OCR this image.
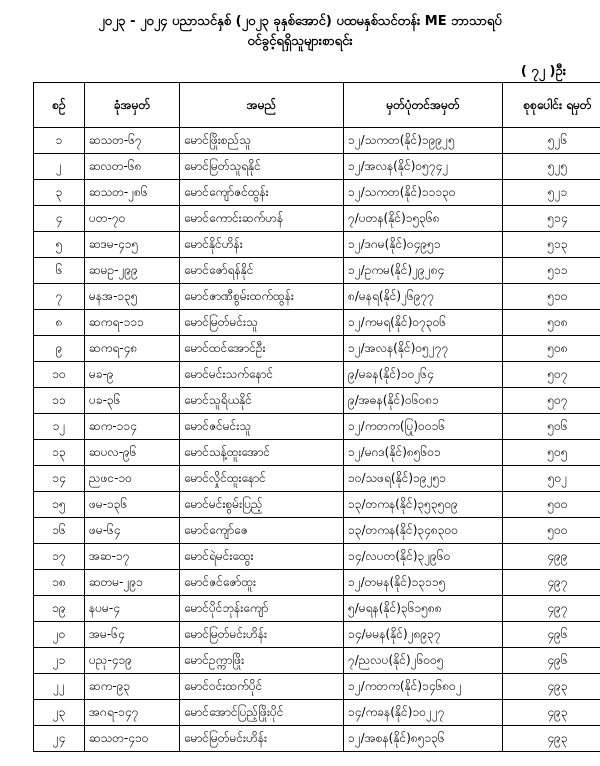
၂၀၂၃ - ၂၀၂၄ ပညာသင်နှစ် (၂၀၂၃ ခုနှစ်အောင်) ပထမနှစ်သင်တန်း ME ဘာသာရပ်
ဝင်ခွင့်ရရှိသူများစာရင်း
( ၇၂ )ဦး
စဉ်	ခုံအမှတ်	အမည်	မှတ်ပုံတင်အမှတ်	စုစုပေါင်း ရမှတ်
၁	ဆသတ-၆၇	မောင်ဖြိုးစည်သူ	၁၂/သကတ(နိုင်)၁၉၉၂၅	၅၂၆
၂	ဆလတ-၆၈	မောင်မြတ်သူရနိုင်	၁၂/အလန(နိုင်)၀၅၇၄၂	၅၂၅
၃	ဆသတ-၂၈၆	မောင်ကျော်ဇင်ထွန်း	၁၂/သကတ(နိုင်)၁၁၁၃၀	၅၂၁
၄	ပတ-၇၀	မောင်ကောင်းဆက်ဟန်	၇/ပတန(နိုင်)၁၅၃၆၈	၅၁၄
၅	ဆဒမ-၄၁၅	မောင်နိုင်ဟိန်း	၁၂/ဒဂမ(နိုင်)၀၄၉၅၁	၅၁၃
၆	ဆမဥ-၂၉၉	မောင်ဇော်ရန်နိုင်	၁၂/ဥကမ(နိုင်)၂၉၂၈၄	၅၁၁
၇	မနအ-၁၃၅	မောင်ဇာဏီစွမ်းထက်ထွန်း	၈/မနရ(နိုင်)၂၆၉၇၇	၅၁၀
၈	ဆကရ-၁၁၁	မောင်မြတ်မင်းသူ	၁၂/ကမရ(နိုင်)၀၇၃၀၆	၅၀၈
၉	ဆကရ-၄၈	မောင်ထင်အောင်ဦး	၁၂/အလန(နိုင်)၀၅၂၇၇	၅၀၈
၁၀	မခ-၉	မောင်မင်းသက်နောင်	၉/မခန(နိုင်)၁၀၂၆၄	၅၀၇
၁၁	ပခ-၃၆	မောင်သူရိယနိုင်	၉/အဓန(နိုင်)၀၆၀၈၁	၅၀၇
၁၂	ဆက-၁၁၄	မောင်ဇင်မင်းသူ	၁၂/ကတက(ပြု)၀၀၁၆	၅၀၆
၁၃	ဆပလ-၉၆	မောင်သန့်ထူးအောင်	၁၂/မဂဒ(နိုင်)၈၅၆၀၁	၅၀၅
၁၄	ညဖင-၁၀	မောင်လှိုင်ထူးနောင်	၁၀/သဖရ(နိုင်)၁၉၂၅၁	၅၀၂
၁၅	ဖမ-၁၃၆	မောင်မင်းစွမ်းပြည့်	၁၃/တကန(နိုင်)၃၅၃၅၀၉	၅၀၀
၁၆	ဖမ-၆၄	မောင်ကျော်ဇေ	၁၃/တကန(နိုင်)၃၄၈၃၀၀	၅၀၀
၁၇	အဆ-၁၇	မောင်ရဲမင်းထွေး	၁၄/လပတ(နိုင်)၃၂၉၆၀	၄၉၉
၁၈	ဆတမ-၂၉၁	မောင်ဇင်ဇော်ထူး	၁၂/တမန(နိုင်)၁၃၁၁၅	၄၉၇
၁၉	နပမ-၄	မောင်ပိုင်ဘုန်းကျော်	၅/မရန(နိုင်)၃၆၁၅၈၈	၄၉၇
၂၀	အမ-၆၄	မောင်မြတ်မင်းဟိန်း	၁၄/မမန(နိုင်)၂၈၉၃၇	၄၉၆
၂၁	ပညု-၄၁၉	မောင်ဥက္ကာဖြိုး	၇/ညလပ(နိုင်)၂၆၀၀၅	၄၉၆
၂၂	ဆက-၉၃	မောင်ဝင်းထက်ပိုင်	၁၂/ကတက(နိုင်)၁၄၆၈၀၂	၄၉၃
၂၃	အဂရ-၁၄၇	မောင်အောင်ပြည့်ဖြိုးပိုင်	၁၄/ကခန(နိုင်)၁၀၂၂၇	၄၉၃
၂၄	ဆသတ-၄၁၀	မောင်မြတ်မင်းဟိန်း	၁၂/အစန(နိုင်)၈၅၁၃၆	၄၉၃
